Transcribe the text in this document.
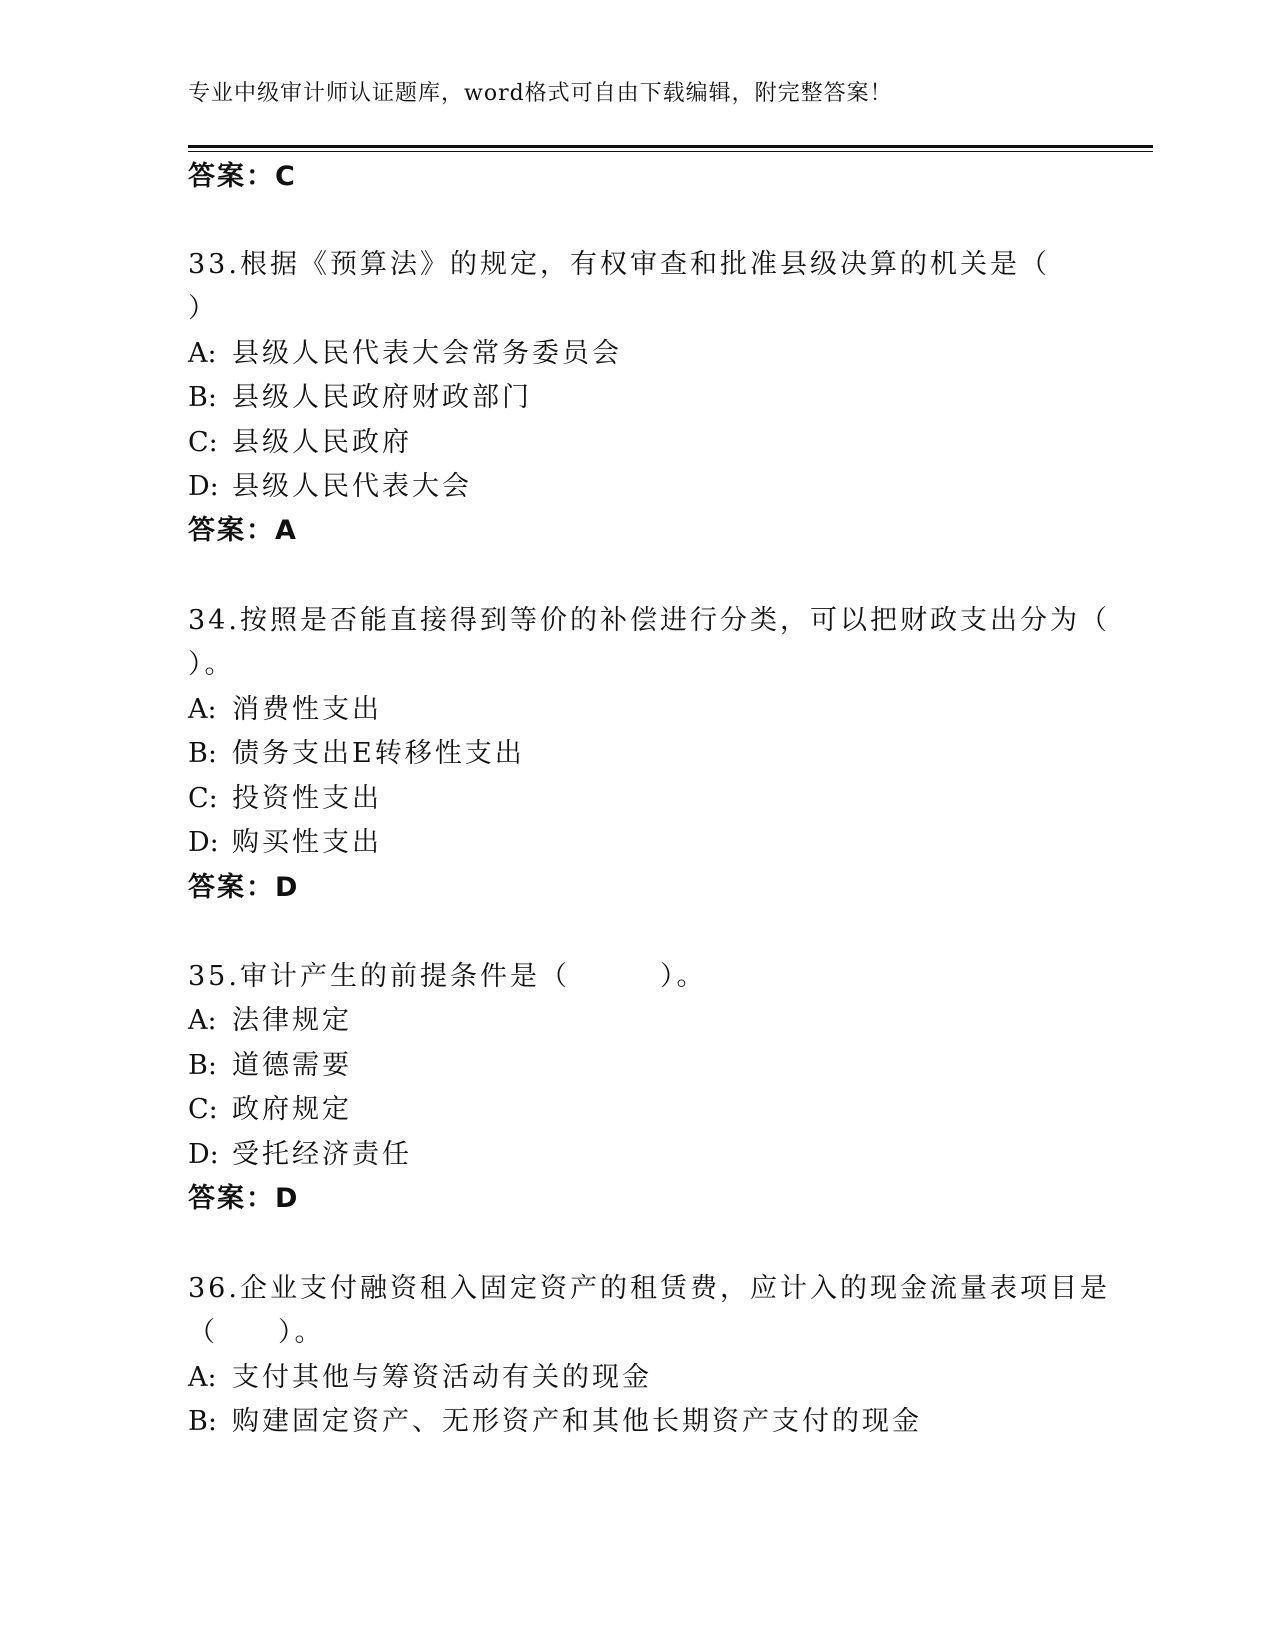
专业中级审计师认证题库，word格式可自由下载编辑，附完整答案！
答案：C
33.根据《预算法》的规定，有权审查和批准县级决算的机关是（
）
A: 县级人民代表大会常务委员会
B: 县级人民政府财政部门
C: 县级人民政府
D: 县级人民代表大会
答案：A
34.按照是否能直接得到等价的补偿进行分类，可以把财政支出分为（
）。
A: 消费性支出
B: 债务支出E转移性支出
C: 投资性支出
D: 购买性支出
答案：D
35.审计产生的前提条件是（　　　）。
A: 法律规定
B: 道德需要
C: 政府规定
D: 受托经济责任
答案：D
36.企业支付融资租入固定资产的租赁费，应计入的现金流量表项目是
（　　）。
A: 支付其他与筹资活动有关的现金
B: 购建固定资产、无形资产和其他长期资产支付的现金
